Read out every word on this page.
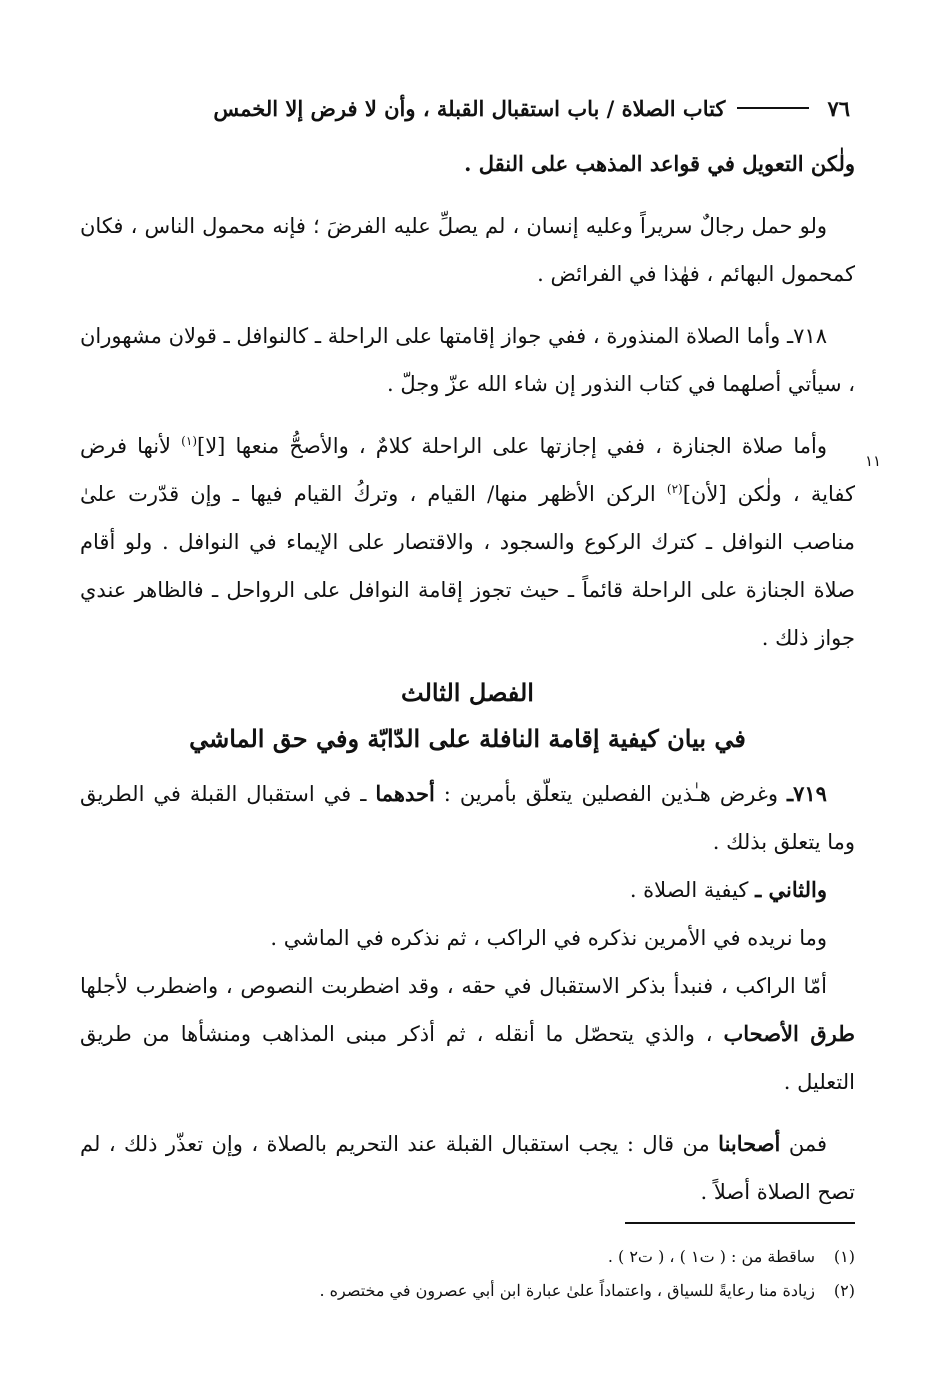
٧٦
كتاب الصلاة / باب استقبال القبلة ، وأن لا فرض إلا الخمس
١١

ولٰكن التعويل في قواعد المذهب على النقل .

ولو حمل رجالٌ سريراً وعليه إنسان ، لم يصلِّ عليه الفرضَ ؛ فإنه محمول الناس ، فكان كمحمول البهائم ، فهٰذا في الفرائض .

٧١٨ـ وأما الصلاة المنذورة ، ففي جواز إقامتها على الراحلة ـ كالنوافل ـ قولان مشهوران ، سيأتي أصلهما في كتاب النذور إن شاء الله عزّ وجلّ .

وأما صلاة الجنازة ، ففي إجازتها على الراحلة كلامٌ ، والأصحُّ منعها [لا]$^{(١)}$ لأنها فرض كفاية ، ولٰكن [لأن]$^{(٢)}$ الركن الأظهر منها/ القيام ، وتركُ القيام فيها ـ وإن قدّرت علىٰ مناصب النوافل ـ كترك الركوع والسجود ، والاقتصار على الإيماء في النوافل . ولو أقام صلاة الجنازة على الراحلة قائماً ـ حيث تجوز إقامة النوافل على الرواحل ـ فالظاهر عندي جواز ذلك .

الفصل الثالث
في بيان كيفية إقامة النافلة على الدّابّة وفي حق الماشي

٧١٩ـ وغرض هـٰذين الفصلين يتعلّق بأمرين : أحدهما ـ في استقبال القبلة في الطريق وما يتعلق بذلك .

والثاني ـ كيفية الصلاة .

وما نريده في الأمرين نذكره في الراكب ، ثم نذكره في الماشي .

أمّا الراكب ، فنبدأ بذكر الاستقبال في حقه ، وقد اضطربت النصوص ، واضطرب لأجلها طرق الأصحاب ، والذي يتحصّل ما أنقله ، ثم أذكر مبنى المذاهب ومنشأها من طريق التعليل .

فمن أصحابنا من قال : يجب استقبال القبلة عند التحريم بالصلاة ، وإن تعذّر ذلك ، لم تصح الصلاة أصلاً .

(١)
ساقطة من : ( ت١ ) ، ( ت٢ ) .
(٢)
زيادة منا رعايةً للسياق ، واعتماداً علىٰ عبارة ابن أبي عصرون في مختصره .
